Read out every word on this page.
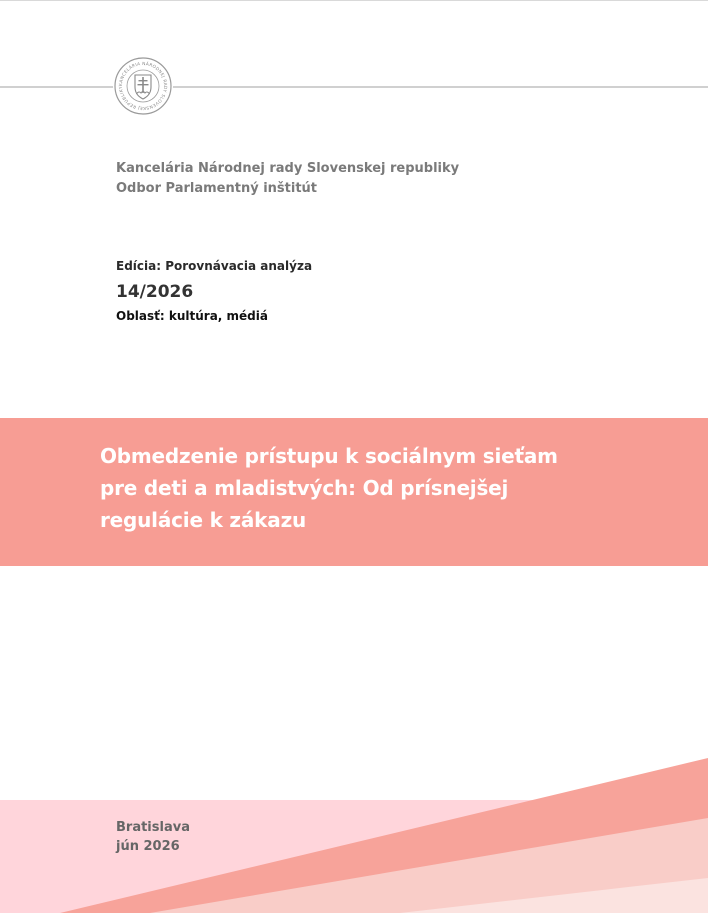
KANCELÁRIA NÁRODNEJ RADY SLOVENSKEJ REPUBLIKY
Kancelária Národnej rady Slovenskej republiky
Odbor Parlamentný inštitút
Edícia: Porovnávacia analýza
14/2026
Oblasť: kultúra, médiá
Obmedzenie prístupu k sociálnym sieťam
pre deti a mladistvých: Od prísnejšej
regulácie k zákazu
Bratislava
jún 2026
